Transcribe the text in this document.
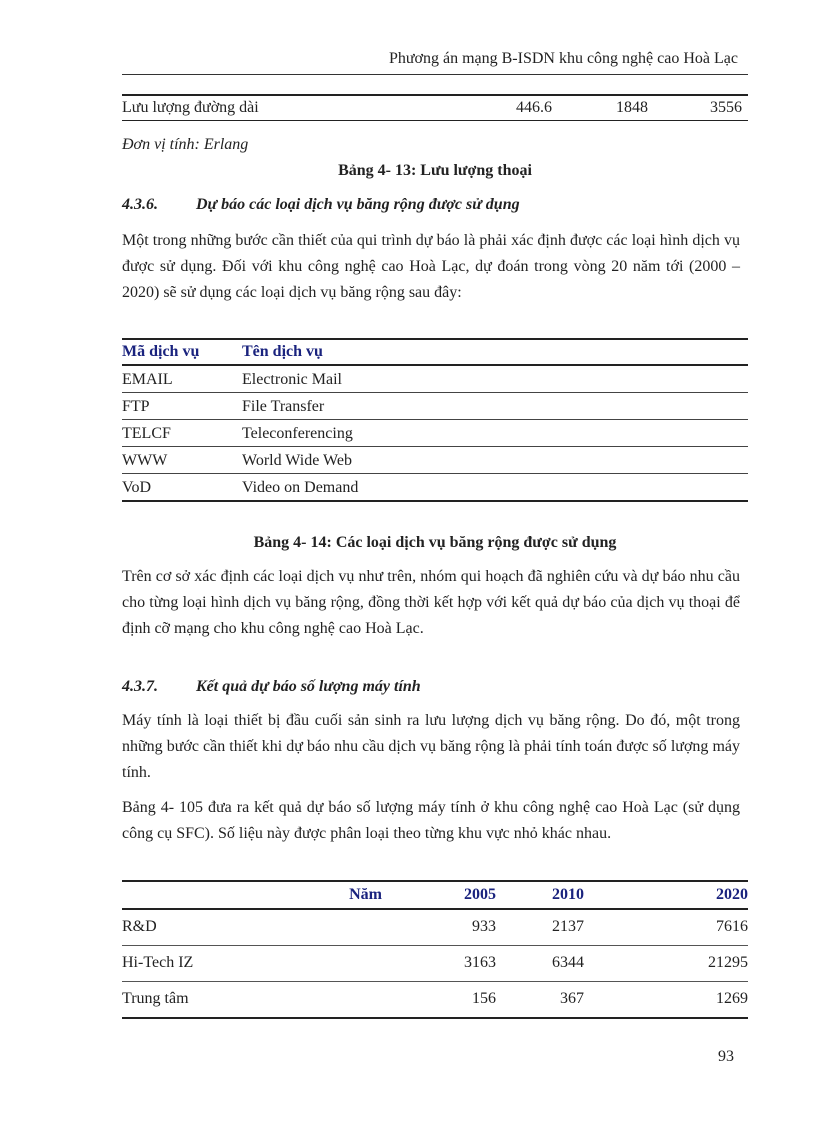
Phương án mạng B-ISDN khu công nghệ cao Hoà Lạc
Lưu lượng đường dài	446.6	1848	3556
Đơn vị tính: Erlang
Bảng 4- 13: Lưu lượng thoại
4.3.6. Dự báo các loại dịch vụ băng rộng được sử dụng
Một trong những bước cần thiết của qui trình dự báo là phải xác định được các loại hình dịch vụ được sử dụng. Đối với khu công nghệ cao Hoà Lạc, dự đoán trong vòng 20 năm tới (2000 – 2020) sẽ sử dụng các loại dịch vụ băng rộng sau đây:
Mã dịch vụ	Tên dịch vụ
EMAIL	Electronic Mail
FTP	File Transfer
TELCF	Teleconferencing
WWW	World Wide Web
VoD	Video on Demand
Bảng 4- 14: Các loại dịch vụ băng rộng được sử dụng
Trên cơ sở xác định các loại dịch vụ như trên, nhóm qui hoạch đã nghiên cứu và dự báo nhu cầu cho từng loại hình dịch vụ băng rộng, đồng thời kết hợp với kết quả dự báo của dịch vụ thoại để định cỡ mạng cho khu công nghệ cao Hoà Lạc.
4.3.7. Kết quả dự báo số lượng máy tính
Máy tính là loại thiết bị đầu cuối sản sinh ra lưu lượng dịch vụ băng rộng. Do đó, một trong những bước cần thiết khi dự báo nhu cầu dịch vụ băng rộng là phải tính toán được số lượng máy tính.
Bảng 4- 105 đưa ra kết quả dự báo số lượng máy tính ở khu công nghệ cao Hoà Lạc (sử dụng công cụ SFC). Số liệu này được phân loại theo từng khu vực nhỏ khác nhau.
Năm	2005	2010	2020
R&D	933	2137	7616
Hi-Tech IZ	3163	6344	21295
Trung tâm	156	367	1269
93
